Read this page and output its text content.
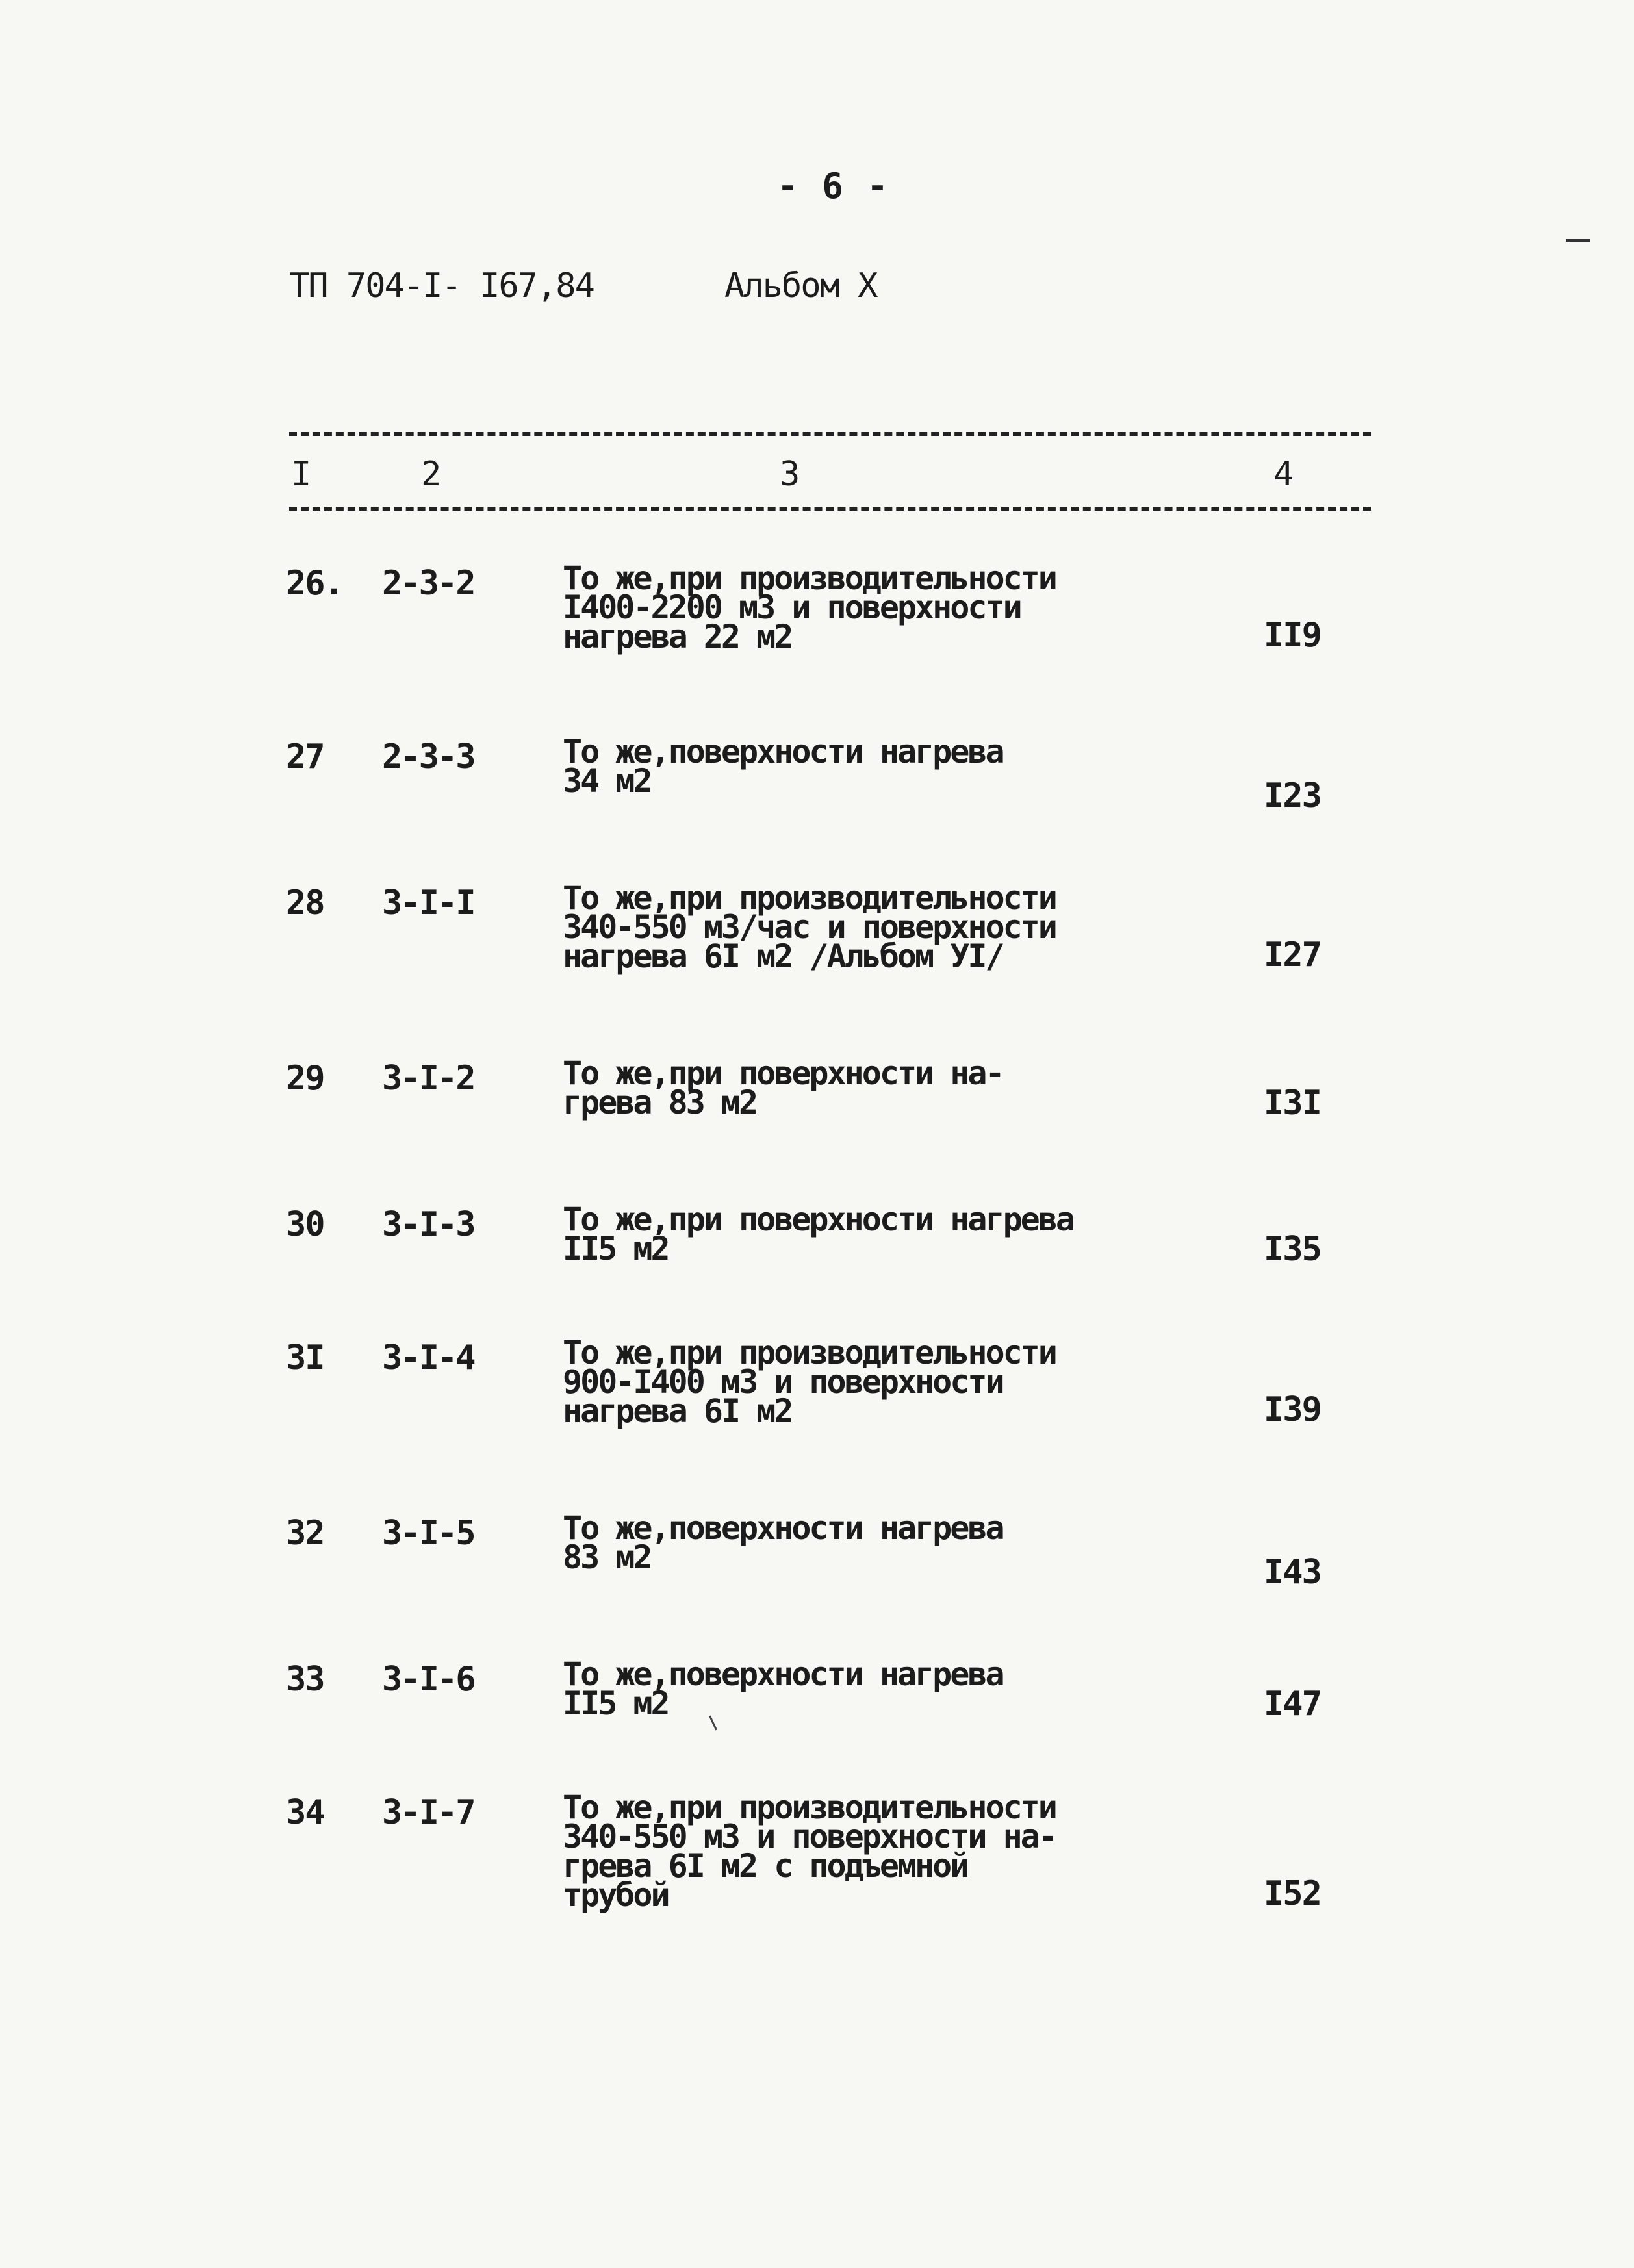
- 6 -
ТП 704-I- I67,84	Альбом X
I	2	3	4
26. 2-3-2	То же,при производительности
I400-2200 м3 и поверхности
нагрева 22 м2	II9
27 2-3-3	То же,поверхности нагрева
34 м2	I23
28 3-I-I	То же,при производительности
340-550 м3/час и поверхности
нагрева 6I м2 /Альбом УI/	I27
29 3-I-2	То же,при поверхности на-
грева 83 м2	I3I
30 3-I-3	То же,при поверхности нагрева
II5 м2	I35
3I 3-I-4	То же,при производительности
900-I400 м3 и поверхности
нагрева 6I м2	I39
32 3-I-5	То же,поверхности нагрева
83 м2	I43
33 3-I-6	То же,поверхности нагрева
II5 м2	I47
34 3-I-7	То же,при производительности
340-550 м3 и поверхности на-
грева 6I м2 с подъемной
трубой	I52
